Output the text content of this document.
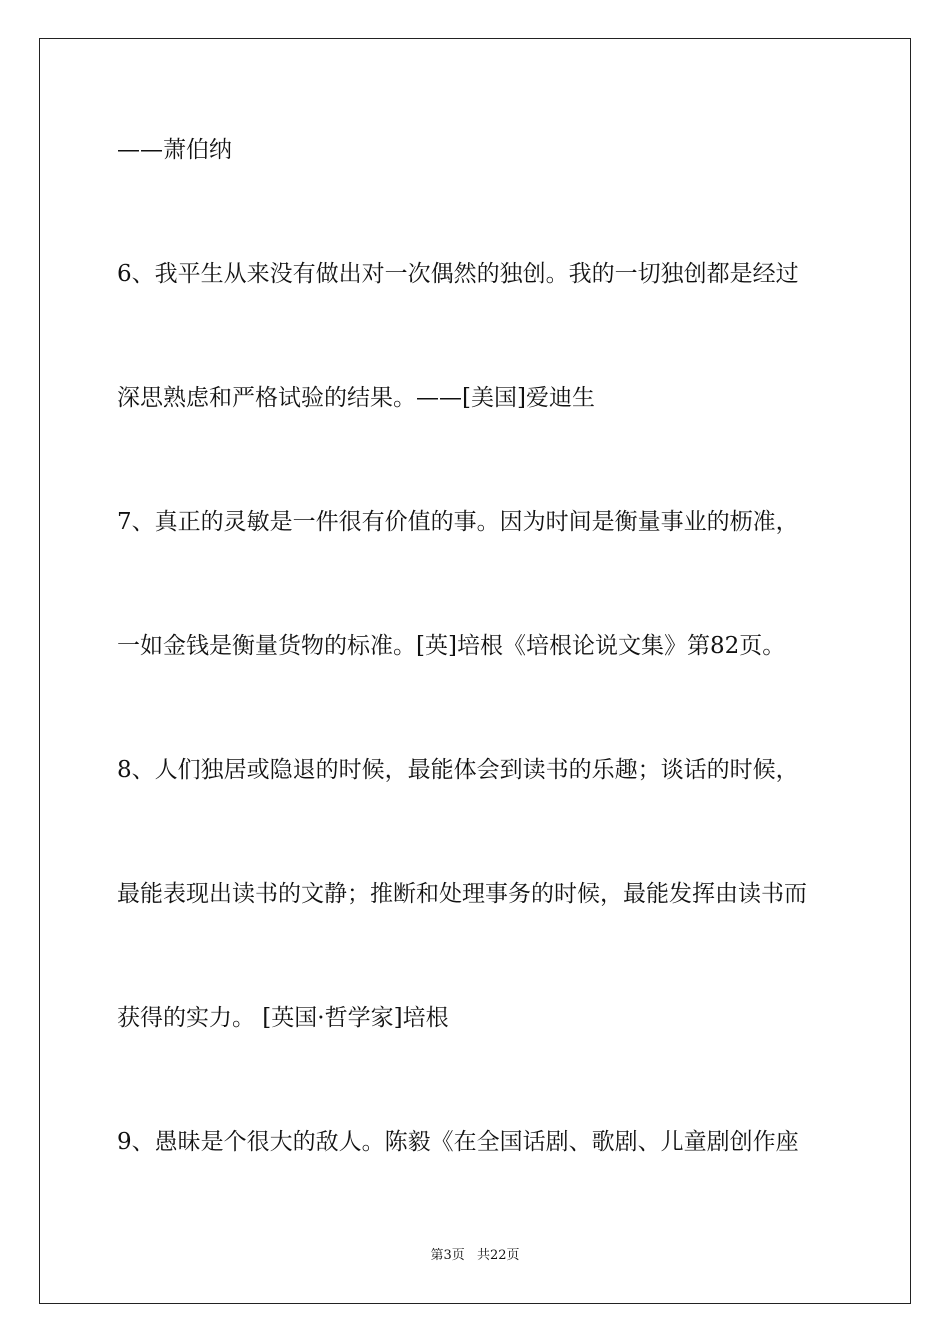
——萧伯纳
6、我平生从来没有做出对一次偶然的独创。我的一切独创都是经过
深思熟虑和严格试验的结果。——[美国]爱迪生
7、真正的灵敏是一件很有价值的事。因为时间是衡量事业的枥准，
一如金钱是衡量货物的标准。[英]培根《培根论说文集》第82页。
8、人们独居或隐退的时候，最能体会到读书的乐趣；谈话的时候，
最能表现出读书的文静；推断和处理事务的时候，最能发挥由读书而
获得的实力。 [英国·哲学家]培根
9、愚昧是个很大的敌人。陈毅《在全国话剧、歌剧、儿童剧创作座
第3页 共22页
